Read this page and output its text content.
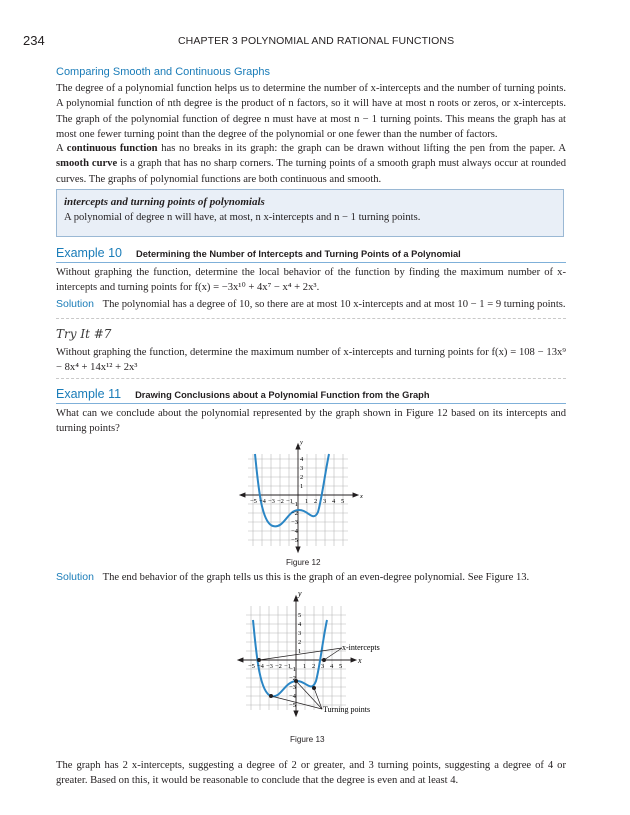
234	CHAPTER 3 POLYNOMIAL AND RATIONAL FUNCTIONS
Comparing Smooth and Continuous Graphs

The degree of a polynomial function helps us to determine the number of x-intercepts and the number of turning points. A polynomial function of nth degree is the product of n factors, so it will have at most n roots or zeros, or x-intercepts. The graph of the polynomial function of degree n must have at most n − 1 turning points. This means the graph has at most one fewer turning point than the degree of the polynomial or one fewer than the number of factors.

A continuous function has no breaks in its graph: the graph can be drawn without lifting the pen from the paper. A smooth curve is a graph that has no sharp corners. The turning points of a smooth graph must always occur at rounded curves. The graphs of polynomial functions are both continuous and smooth.

intercepts and turning points of polynomials
A polynomial of degree n will have, at most, n x-intercepts and n − 1 turning points.
Example 10 Determining the Number of Intercepts and Turning Points of a Polynomial

Without graphing the function, determine the local behavior of the function by finding the maximum number of x-intercepts and turning points for f(x) = −3x¹⁰ + 4x⁷ − x⁴ + 2x³.

Solution The polynomial has a degree of 10, so there are at most 10 x-intercepts and at most 10 − 1 = 9 turning points.
Try It #7

Without graphing the function, determine the maximum number of x-intercepts and turning points for f(x) = 108 − 13x⁹ − 8x⁴ + 14x¹² + 2x³

Example 11 Drawing Conclusions about a Polynomial Function from the Graph

What can we conclude about the polynomial represented by the graph shown in Figure 12 based on its intercepts and turning points?

y
x
−5 −4 −3 −2 −1 1 2 3 4 5
4
3
2
1
−1
−2
−3
−4
−5
Figure 12
Solution The end behavior of the graph tells us this is the graph of an even-degree polynomial. See Figure 13.
y
x
x-intercepts
Turning points
−5 −4 −3 −2 −1 1 2 3 4 5
5
4
3
2
1
−1
−2
−3
−4
−5
Figure 13

The graph has 2 x-intercepts, suggesting a degree of 2 or greater, and 3 turning points, suggesting a degree of 4 or greater. Based on this, it would be reasonable to conclude that the degree is even and at least 4.
